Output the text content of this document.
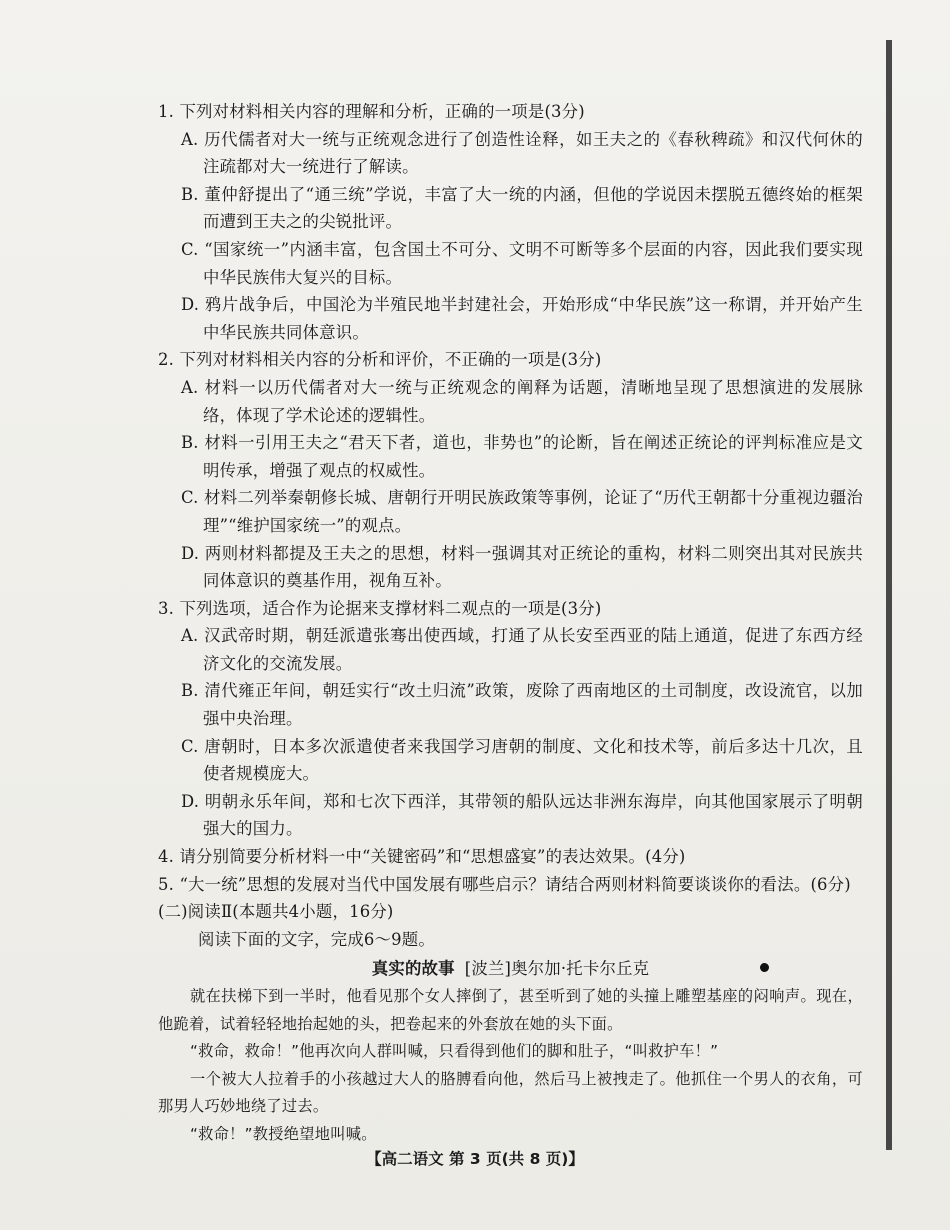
1. 下列对材料相关内容的理解和分析，正确的一项是(3分)

A. 历代儒者对大一统与正统观念进行了创造性诠释，如王夫之的《春秋稗疏》和汉代何休的注疏都对大一统进行了解读。

B. 董仲舒提出了“通三统”学说，丰富了大一统的内涵，但他的学说因未摆脱五德终始的框架而遭到王夫之的尖锐批评。

C. “国家统一”内涵丰富，包含国土不可分、文明不可断等多个层面的内容，因此我们要实现中华民族伟大复兴的目标。

D. 鸦片战争后，中国沦为半殖民地半封建社会，开始形成“中华民族”这一称谓，并开始产生中华民族共同体意识。

2. 下列对材料相关内容的分析和评价，不正确的一项是(3分)

A. 材料一以历代儒者对大一统与正统观念的阐释为话题，清晰地呈现了思想演进的发展脉络，体现了学术论述的逻辑性。

B. 材料一引用王夫之“君天下者，道也，非势也”的论断，旨在阐述正统论的评判标准应是文明传承，增强了观点的权威性。

C. 材料二列举秦朝修长城、唐朝行开明民族政策等事例，论证了“历代王朝都十分重视边疆治理”“维护国家统一”的观点。

D. 两则材料都提及王夫之的思想，材料一强调其对正统论的重构，材料二则突出其对民族共同体意识的奠基作用，视角互补。

3. 下列选项，适合作为论据来支撑材料二观点的一项是(3分)

A. 汉武帝时期，朝廷派遣张骞出使西域，打通了从长安至西亚的陆上通道，促进了东西方经济文化的交流发展。

B. 清代雍正年间，朝廷实行“改土归流”政策，废除了西南地区的土司制度，改设流官，以加强中央治理。

C. 唐朝时，日本多次派遣使者来我国学习唐朝的制度、文化和技术等，前后多达十几次，且使者规模庞大。

D. 明朝永乐年间，郑和七次下西洋，其带领的船队远达非洲东海岸，向其他国家展示了明朝强大的国力。

4. 请分别简要分析材料一中“关键密码”和“思想盛宴”的表达效果。(4分)

5. “大一统”思想的发展对当代中国发展有哪些启示？请结合两则材料简要谈谈你的看法。(6分)

(二)阅读Ⅱ(本题共4小题，16分)

阅读下面的文字，完成6～9题。

真实的故事 [波兰]奥尔加·托卡尔丘克

就在扶梯下到一半时，他看见那个女人摔倒了，甚至听到了她的头撞上雕塑基座的闷响声。现在，他跪着，试着轻轻地抬起她的头，把卷起来的外套放在她的头下面。

“救命，救命！”他再次向人群叫喊，只看得到他们的脚和肚子，“叫救护车！”

一个被大人拉着手的小孩越过大人的胳膊看向他，然后马上被拽走了。他抓住一个男人的衣角，可那男人巧妙地绕了过去。

“救命！”教授绝望地叫喊。

【高二语文 第 3 页(共 8 页)】
